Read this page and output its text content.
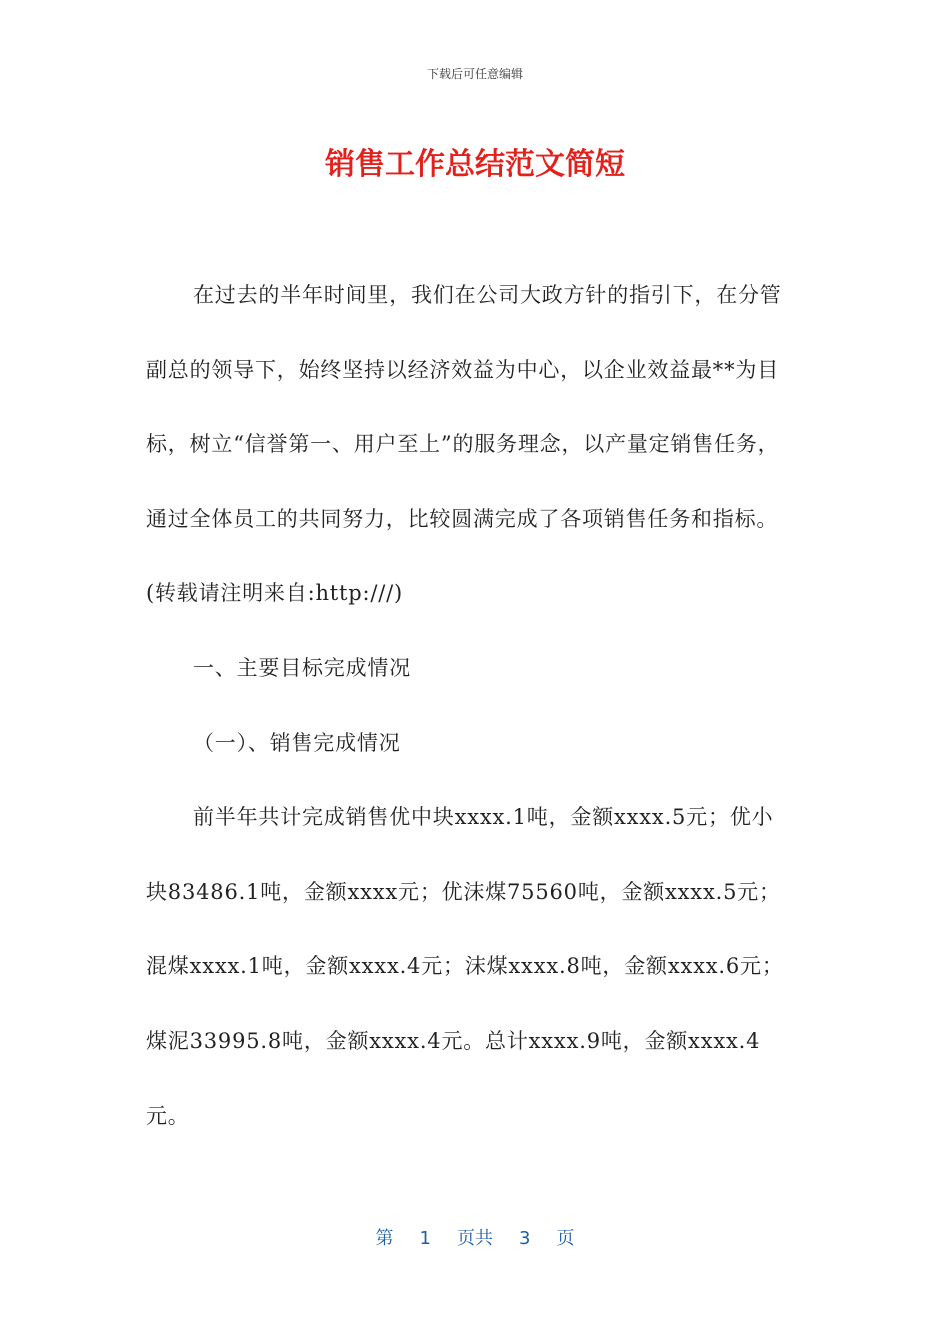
下载后可任意编辑
销售工作总结范文简短

在过去的半年时间里，我们在公司大政方针的指引下，在分管副总的领导下，始终坚持以经济效益为中心，以企业效益最**为目标，树立“信誉第一、用户至上”的服务理念，以产量定销售任务，通过全体员工的共同努力，比较圆满完成了各项销售任务和指标。(转载请注明来自:http:///)

一、主要目标完成情况

（一）、销售完成情况

前半年共计完成销售优中块xxxx.1吨，金额xxxx.5元；优小块83486.1吨，金额xxxx元；优沫煤75560吨，金额xxxx.5元；混煤xxxx.1吨，金额xxxx.4元；沫煤xxxx.8吨，金额xxxx.6元；煤泥33995.8吨，金额xxxx.4元。总计xxxx.9吨，金额xxxx.4元。

第 1 页共 3 页
